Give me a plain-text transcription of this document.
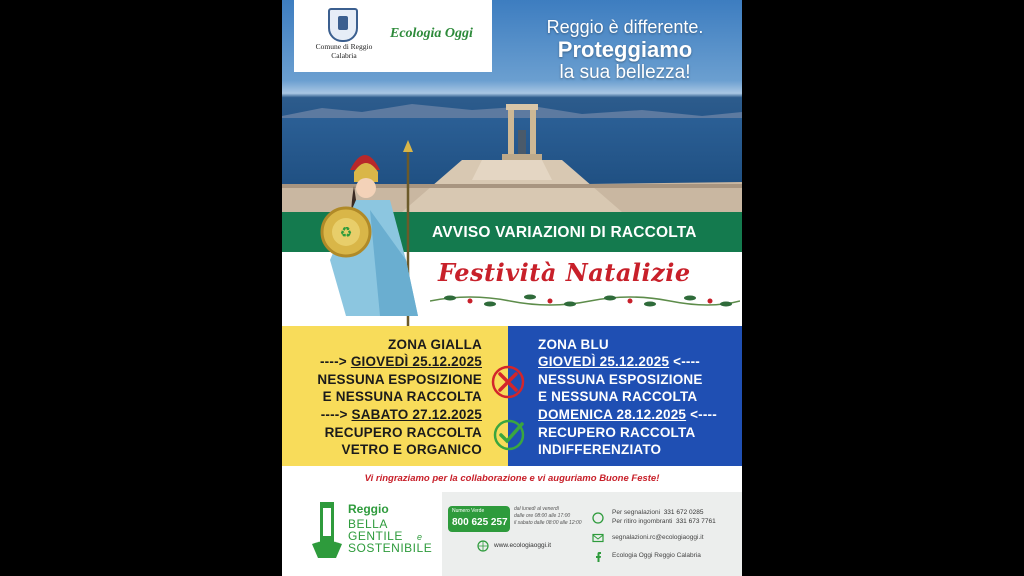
Comune di Reggio Calabria
Ecologia Oggi	Reggio è differente.
Proteggiamo
la sua bellezza!
AVVISO VARIAZIONI DI RACCOLTA
Festività Natalizie
♻
ZONA GIALLA
----> GIOVEDÌ 25.12.2025
NESSUNA ESPOSIZIONE
E NESSUNA RACCOLTA
----> SABATO 27.12.2025
RECUPERO RACCOLTA
VETRO E ORGANICO
ZONA BLU
GIOVEDÌ 25.12.2025 <----
NESSUNA ESPOSIZIONE
E NESSUNA RACCOLTA
DOMENICA 28.12.2025 <----
RECUPERO RACCOLTA
INDIFFERENZIATO
Vi ringraziamo per la collaborazione e vi auguriamo Buone Feste!
Reggio
BELLA
GENTILE e
SOSTENIBILE
Numero Verde
800 625 257
dal lunedì al venerdì
dalle ore 08:00 alle 17:00
il sabato dalle 08:00 alle 12:00
www.ecologiaoggi.it
Per segnalazioni 331 672 0285
Per ritiro ingombranti 331 673 7761
segnalazioni.rc@ecologiaoggi.it
Ecologia Oggi Reggio Calabria
